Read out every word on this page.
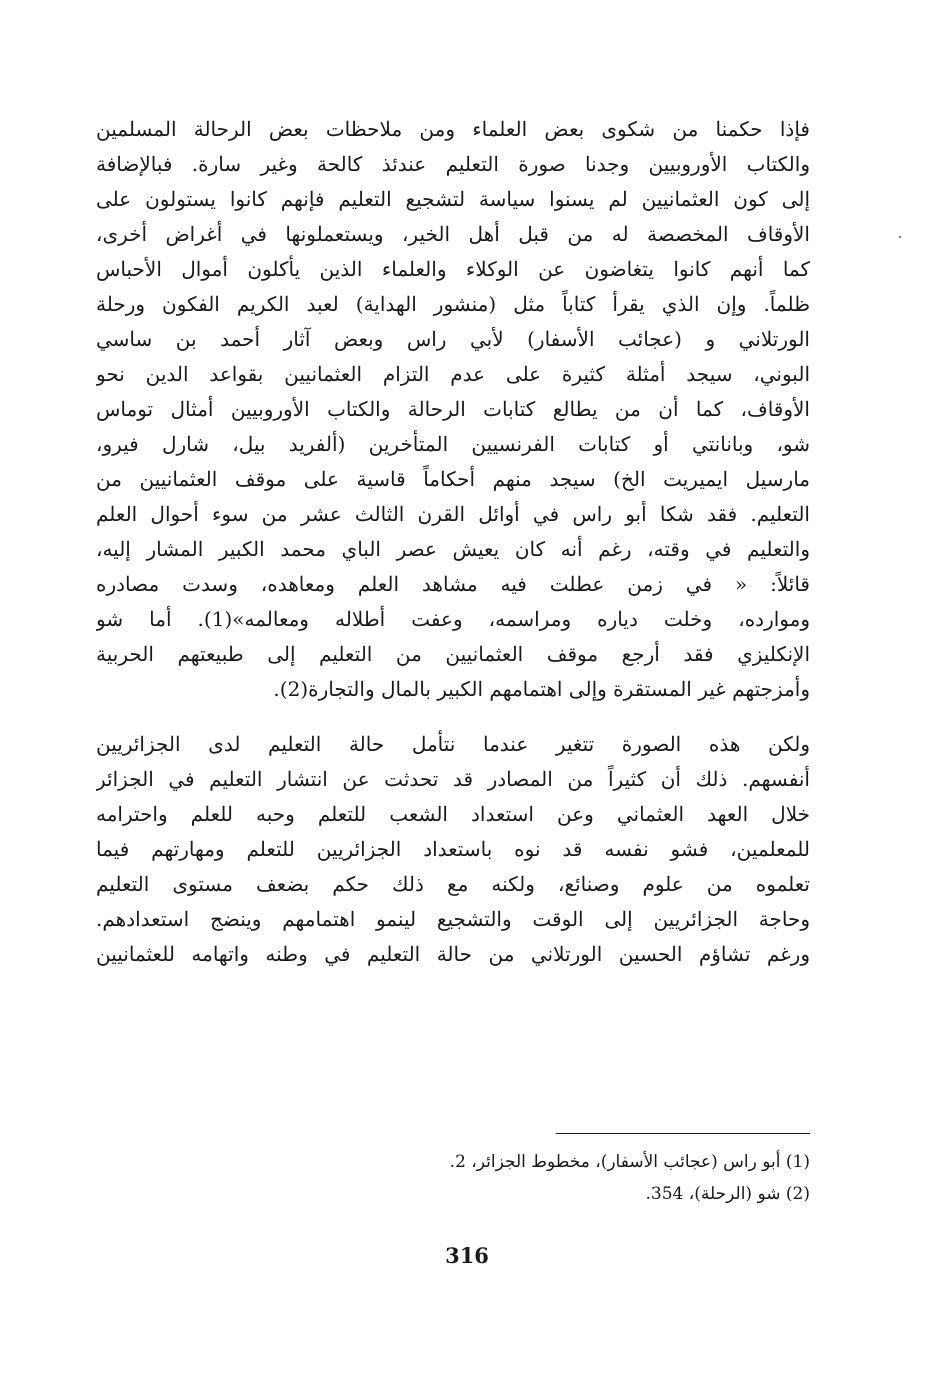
فإذا حكمنا من شكوى بعض العلماء ومن ملاحظات بعض الرحالة المسلمين
والكتاب الأوروبيين وجدنا صورة التعليم عندئذ كالحة وغير سارة. فبالإضافة
إلى كون العثمانيين لم يسنوا سياسة لتشجيع التعليم فإنهم كانوا يستولون على
الأوقاف المخصصة له من قبل أهل الخير، ويستعملونها في أغراض أخرى،
كما أنهم كانوا يتغاضون عن الوكلاء والعلماء الذين يأكلون أموال الأحباس
ظلماً. وإن الذي يقرأ كتاباً مثل (منشور الهداية) لعبد الكريم الفكون ورحلة
الورتلاني و (عجائب الأسفار) لأبي راس وبعض آثار أحمد بن ساسي
البوني، سيجد أمثلة كثيرة على عدم التزام العثمانيين بقواعد الدين نحو
الأوقاف، كما أن من يطالع كتابات الرحالة والكتاب الأوروبيين أمثال توماس
شو، وبانانتي أو كتابات الفرنسيين المتأخرين (ألفريد بيل، شارل فيرو،
مارسيل ايميريت الخ) سيجد منهم أحكاماً قاسية على موقف العثمانيين من
التعليم. فقد شكا أبو راس في أوائل القرن الثالث عشر من سوء أحوال العلم
والتعليم في وقته، رغم أنه كان يعيش عصر الباي محمد الكبير المشار إليه،
قائلاً: « في زمن عطلت فيه مشاهد العلم ومعاهده، وسدت مصادره
وموارده، وخلت دياره ومراسمه، وعفت أطلاله ومعالمه»(1). أما شو
الإنكليزي فقد أرجع موقف العثمانيين من التعليم إلى طبيعتهم الحربية
وأمزجتهم غير المستقرة وإلى اهتمامهم الكبير بالمال والتجارة(2).
ولكن هذه الصورة تتغير عندما نتأمل حالة التعليم لدى الجزائريين
أنفسهم. ذلك أن كثيراً من المصادر قد تحدثت عن انتشار التعليم في الجزائر
خلال العهد العثماني وعن استعداد الشعب للتعلم وحبه للعلم واحترامه
للمعلمين، فشو نفسه قد نوه باستعداد الجزائريين للتعلم ومهارتهم فيما
تعلموه من علوم وصنائع، ولكنه مع ذلك حكم بضعف مستوى التعليم
وحاجة الجزائريين إلى الوقت والتشجيع لينمو اهتمامهم وينضج استعدادهم.
ورغم تشاؤم الحسين الورتلاني من حالة التعليم في وطنه واتهامه للعثمانيين
(1) أبو راس (عجائب الأسفار)، مخطوط الجزائر، 2.
(2) شو (الرحلة)، 354.
316
